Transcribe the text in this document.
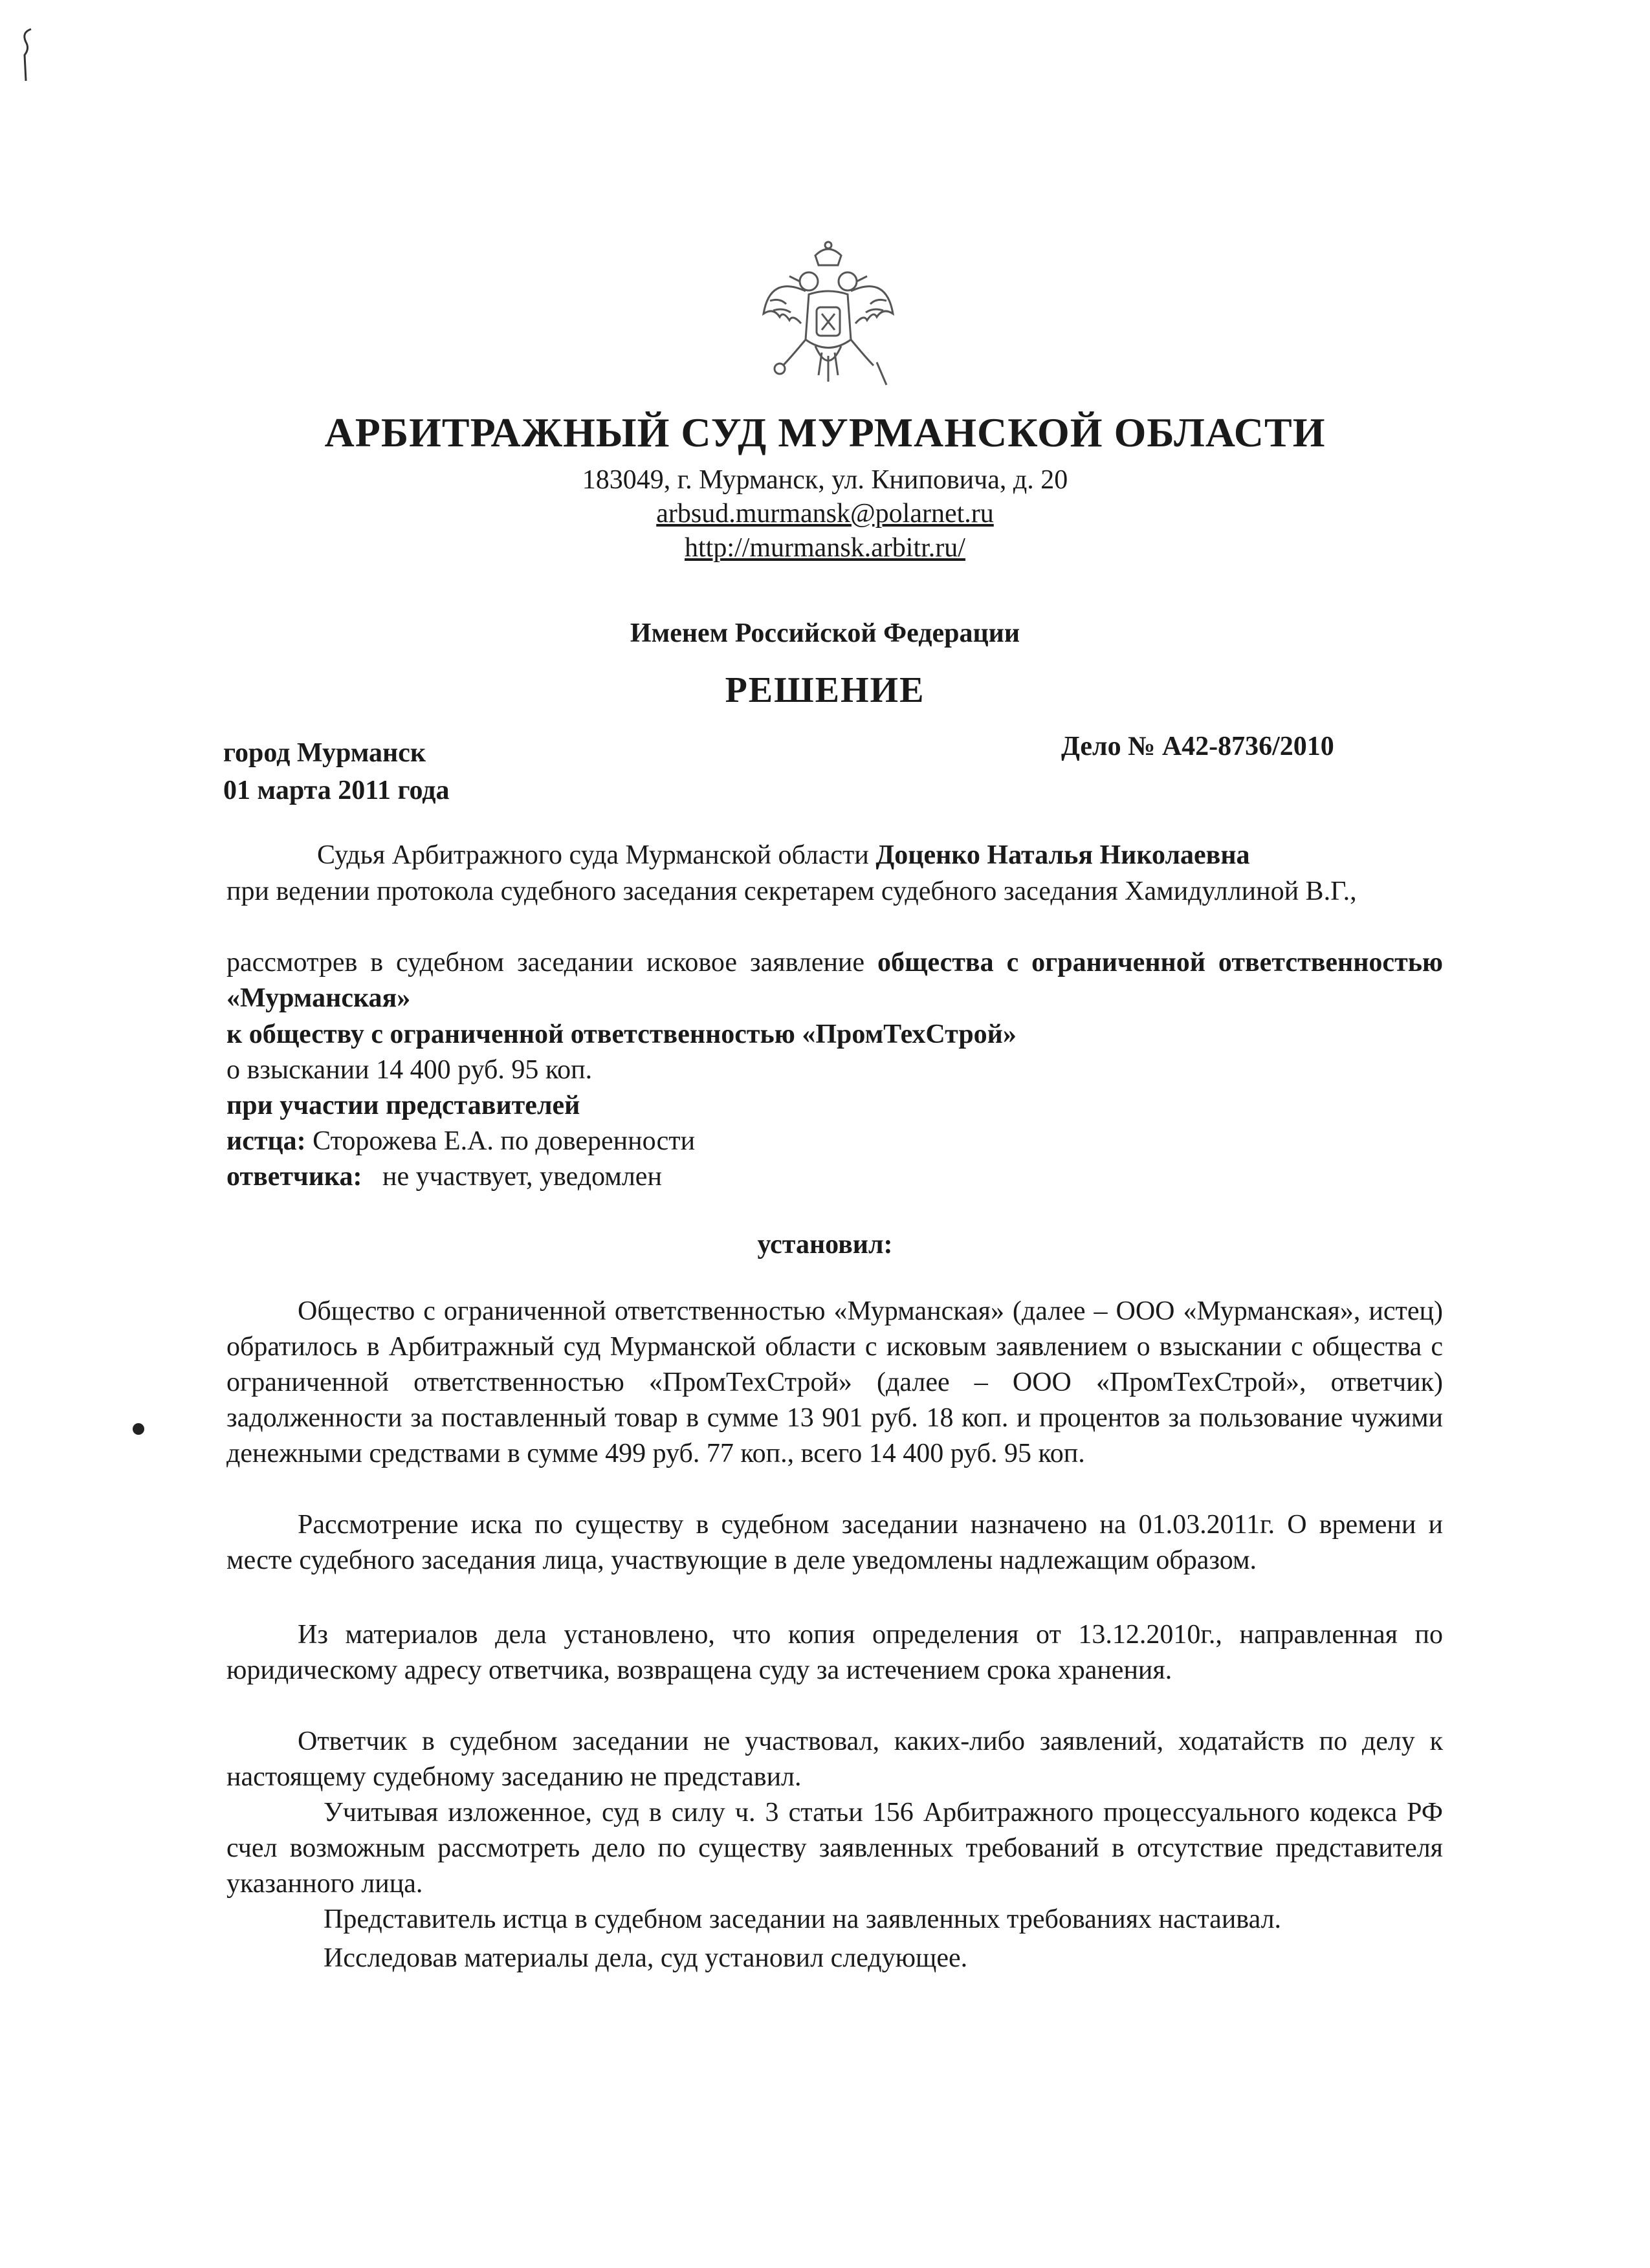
АРБИТРАЖНЫЙ СУД МУРМАНСКОЙ ОБЛАСТИ
183049, г. Мурманск, ул. Книповича, д. 20
arbsud.murmansk@polarnet.ru
http://murmansk.arbitr.ru/
Именем Российской Федерации
РЕШЕНИЕ
город Мурманск
01 марта 2011 года
Дело № А42-8736/2010
Судья Арбитражного суда Мурманской области Доценко Наталья Николаевна
при ведении протокола судебного заседания секретарем судебного заседания Хамидуллиной В.Г.,
рассмотрев в судебном заседании исковое заявление общества с ограниченной ответственностью «Мурманская»
к обществу с ограниченной ответственностью «ПромТехСтрой»
о взыскании 14 400 руб. 95 коп.
при участии представителей
истца: Сторожева Е.А. по доверенности
ответчика:   не участвует, уведомлен
установил:
Общество с ограниченной ответственностью «Мурманская» (далее – ООО «Мурманская», истец) обратилось в Арбитражный суд Мурманской области с исковым заявлением о взыскании с общества с ограниченной ответственностью «ПромТехСтрой» (далее – ООО «ПромТехСтрой», ответчик) задолженности за поставленный товар в сумме 13 901 руб. 18 коп. и процентов за пользование чужими денежными средствами в сумме 499 руб. 77 коп., всего 14 400 руб. 95 коп.
Рассмотрение иска по существу в судебном заседании назначено на 01.03.2011г. О времени и месте судебного заседания лица, участвующие в деле уведомлены надлежащим образом.
Из материалов дела установлено, что копия определения от 13.12.2010г., направленная по юридическому адресу ответчика, возвращена суду за истечением срока хранения.
Ответчик в судебном заседании не участвовал, каких-либо заявлений, ходатайств по делу к настоящему судебному заседанию не представил.
Учитывая изложенное, суд в силу ч. 3 статьи 156 Арбитражного процессуального кодекса РФ счел возможным рассмотреть дело по существу заявленных требований в отсутствие представителя указанного лица.
Представитель истца в судебном заседании на заявленных требованиях настаивал.
Исследовав материалы дела, суд установил следующее.
